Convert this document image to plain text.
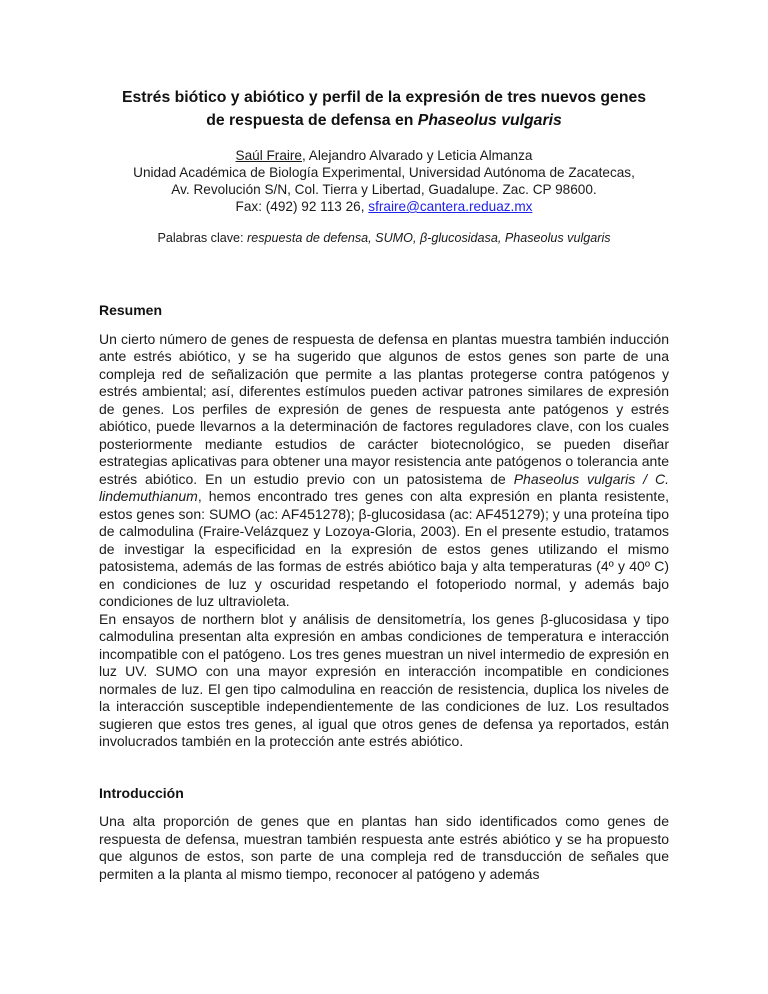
Estrés biótico y abiótico y perfil de la expresión de tres nuevos genes
de respuesta de defensa en Phaseolus vulgaris
Saúl Fraire, Alejandro Alvarado y Leticia Almanza
Unidad Académica de Biología Experimental, Universidad Autónoma de Zacatecas,
Av. Revolución S/N, Col. Tierra y Libertad, Guadalupe. Zac. CP 98600.
Fax: (492) 92 113 26, sfraire@cantera.reduaz.mx
Palabras clave: respuesta de defensa, SUMO, β-glucosidasa, Phaseolus vulgaris
Resumen

Un cierto número de genes de respuesta de defensa en plantas muestra también inducción ante estrés abiótico, y se ha sugerido que algunos de estos genes son parte de una compleja red de señalización que permite a las plantas protegerse contra patógenos y estrés ambiental; así, diferentes estímulos pueden activar patrones similares de expresión de genes. Los perfiles de expresión de genes de respuesta ante patógenos y estrés abiótico, puede llevarnos a la determinación de factores reguladores clave, con los cuales posteriormente mediante estudios de carácter biotecnológico, se pueden diseñar estrategias aplicativas para obtener una mayor resistencia ante patógenos o tolerancia ante estrés abiótico. En un estudio previo con un patosistema de Phaseolus vulgaris / C. lindemuthianum, hemos encontrado tres genes con alta expresión en planta resistente, estos genes son: SUMO (ac: AF451278); β-glucosidasa (ac: AF451279); y una proteína tipo de calmodulina (Fraire-Velázquez y Lozoya-Gloria, 2003). En el presente estudio, tratamos de investigar la especificidad en la expresión de estos genes utilizando el mismo patosistema, además de las formas de estrés abiótico baja y alta temperaturas (4º y 40º C) en condiciones de luz y oscuridad respetando el fotoperiodo normal, y además bajo condiciones de luz ultravioleta.

En ensayos de northern blot y análisis de densitometría, los genes β-glucosidasa y tipo calmodulina presentan alta expresión en ambas condiciones de temperatura e interacción incompatible con el patógeno. Los tres genes muestran un nivel intermedio de expresión en luz UV. SUMO con una mayor expresión en interacción incompatible en condiciones normales de luz. El gen tipo calmodulina en reacción de resistencia, duplica los niveles de la interacción susceptible independientemente de las condiciones de luz. Los resultados sugieren que estos tres genes, al igual que otros genes de defensa ya reportados, están involucrados también en la protección ante estrés abiótico.

Introducción

Una alta proporción de genes que en plantas han sido identificados como genes de respuesta de defensa, muestran también respuesta ante estrés abiótico y se ha propuesto que algunos de estos, son parte de una compleja red de transducción de señales que permiten a la planta al mismo tiempo, reconocer al patógeno y además
